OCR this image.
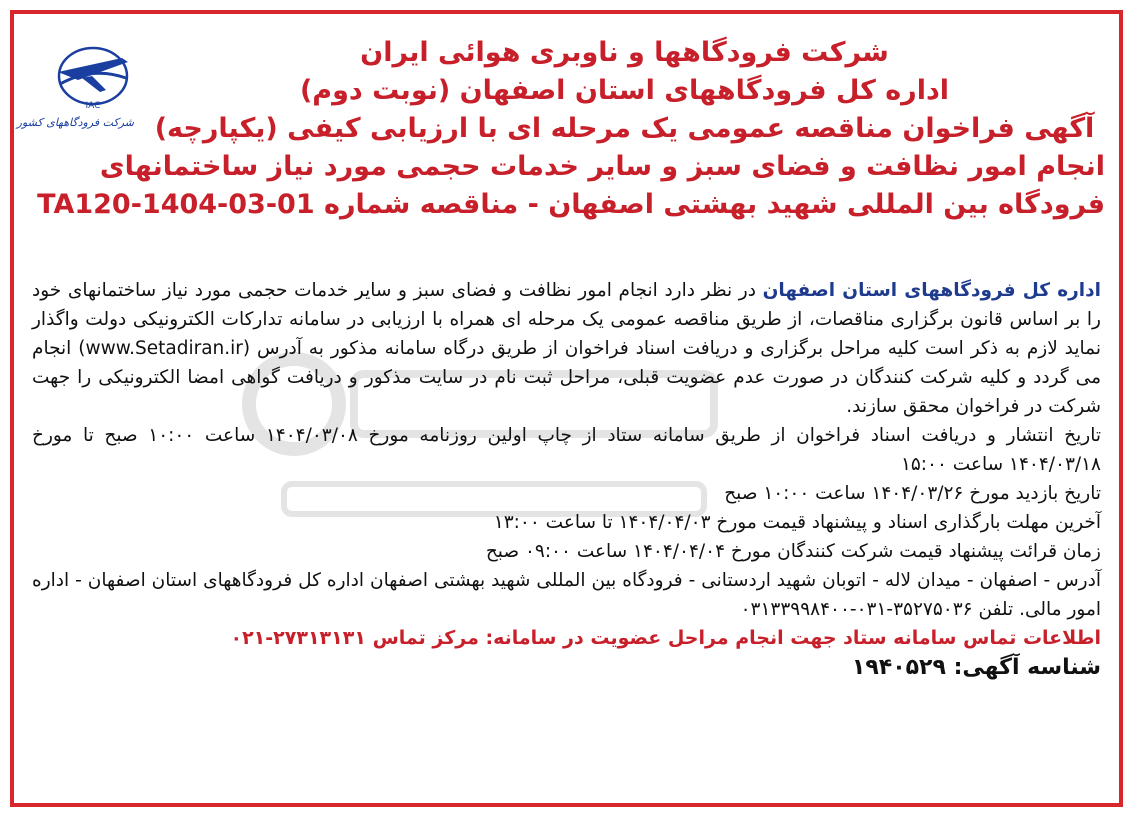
IAC
شرکت فرودگاههای کشور
شرکت فرودگاهها و ناوبری هوائی ایران
اداره کل فرودگاههای استان اصفهان (نوبت دوم)
آگهی فراخوان مناقصه عمومی یک مرحله ای با ارزیابی کیفی (یکپارچه)
انجام امور نظافت و فضای سبز و سایر خدمات حجمی مورد نیاز ساختمانهای
فرودگاه بین المللی شهید بهشتی اصفهان - مناقصه شماره TA120-1404-03-01

اداره کل فرودگاههای استان اصفهان در نظر دارد انجام امور نظافت و فضای سبز و سایر خدمات حجمی مورد نیاز ساختمانهای خود را بر اساس قانون برگزاری مناقصات، از طریق مناقصه عمومی یک مرحله ای همراه با ارزیابی در سامانه تدارکات الکترونیکی دولت واگذار نماید لازم به ذکر است کلیه مراحل برگزاری و دریافت اسناد فراخوان از طریق درگاه سامانه مذکور به آدرس (www.Setadiran.ir) انجام می گردد و کلیه شرکت کنندگان در صورت عدم عضویت قبلی، مراحل ثبت نام در سایت مذکور و دریافت گواهی امضا الکترونیکی را جهت شرکت در فراخوان محقق سازند.

تاریخ انتشار و دریافت اسناد فراخوان از طریق سامانه ستاد از چاپ اولین روزنامه مورخ ۱۴۰۴/۰۳/۰۸ ساعت ۱۰:۰۰ صبح تا مورخ ۱۴۰۴/۰۳/۱۸ ساعت ۱۵:۰۰

تاریخ بازدید مورخ ۱۴۰۴/۰۳/۲۶ ساعت ۱۰:۰۰ صبح

آخرین مهلت بارگذاری اسناد و پیشنهاد قیمت مورخ ۱۴۰۴/۰۴/۰۳ تا ساعت ۱۳:۰۰

زمان قرائت پیشنهاد قیمت شرکت کنندگان مورخ ۱۴۰۴/۰۴/۰۴ ساعت ۰۹:۰۰ صبح

آدرس - اصفهان - میدان لاله - اتوبان شهید اردستانی - فرودگاه بین المللی شهید بهشتی اصفهان اداره کل فرودگاههای استان اصفهان - اداره امور مالی. تلفن ۳۵۲۷۵۰۳۶-۰۳۱-۰۳۱۳۳۹۹۸۴۰۰

اطلاعات تماس سامانه ستاد جهت انجام مراحل عضویت در سامانه: مرکز تماس ۲۷۳۱۳۱۳۱-۰۲۱

شناسه آگهی: ۱۹۴۰۵۲۹
